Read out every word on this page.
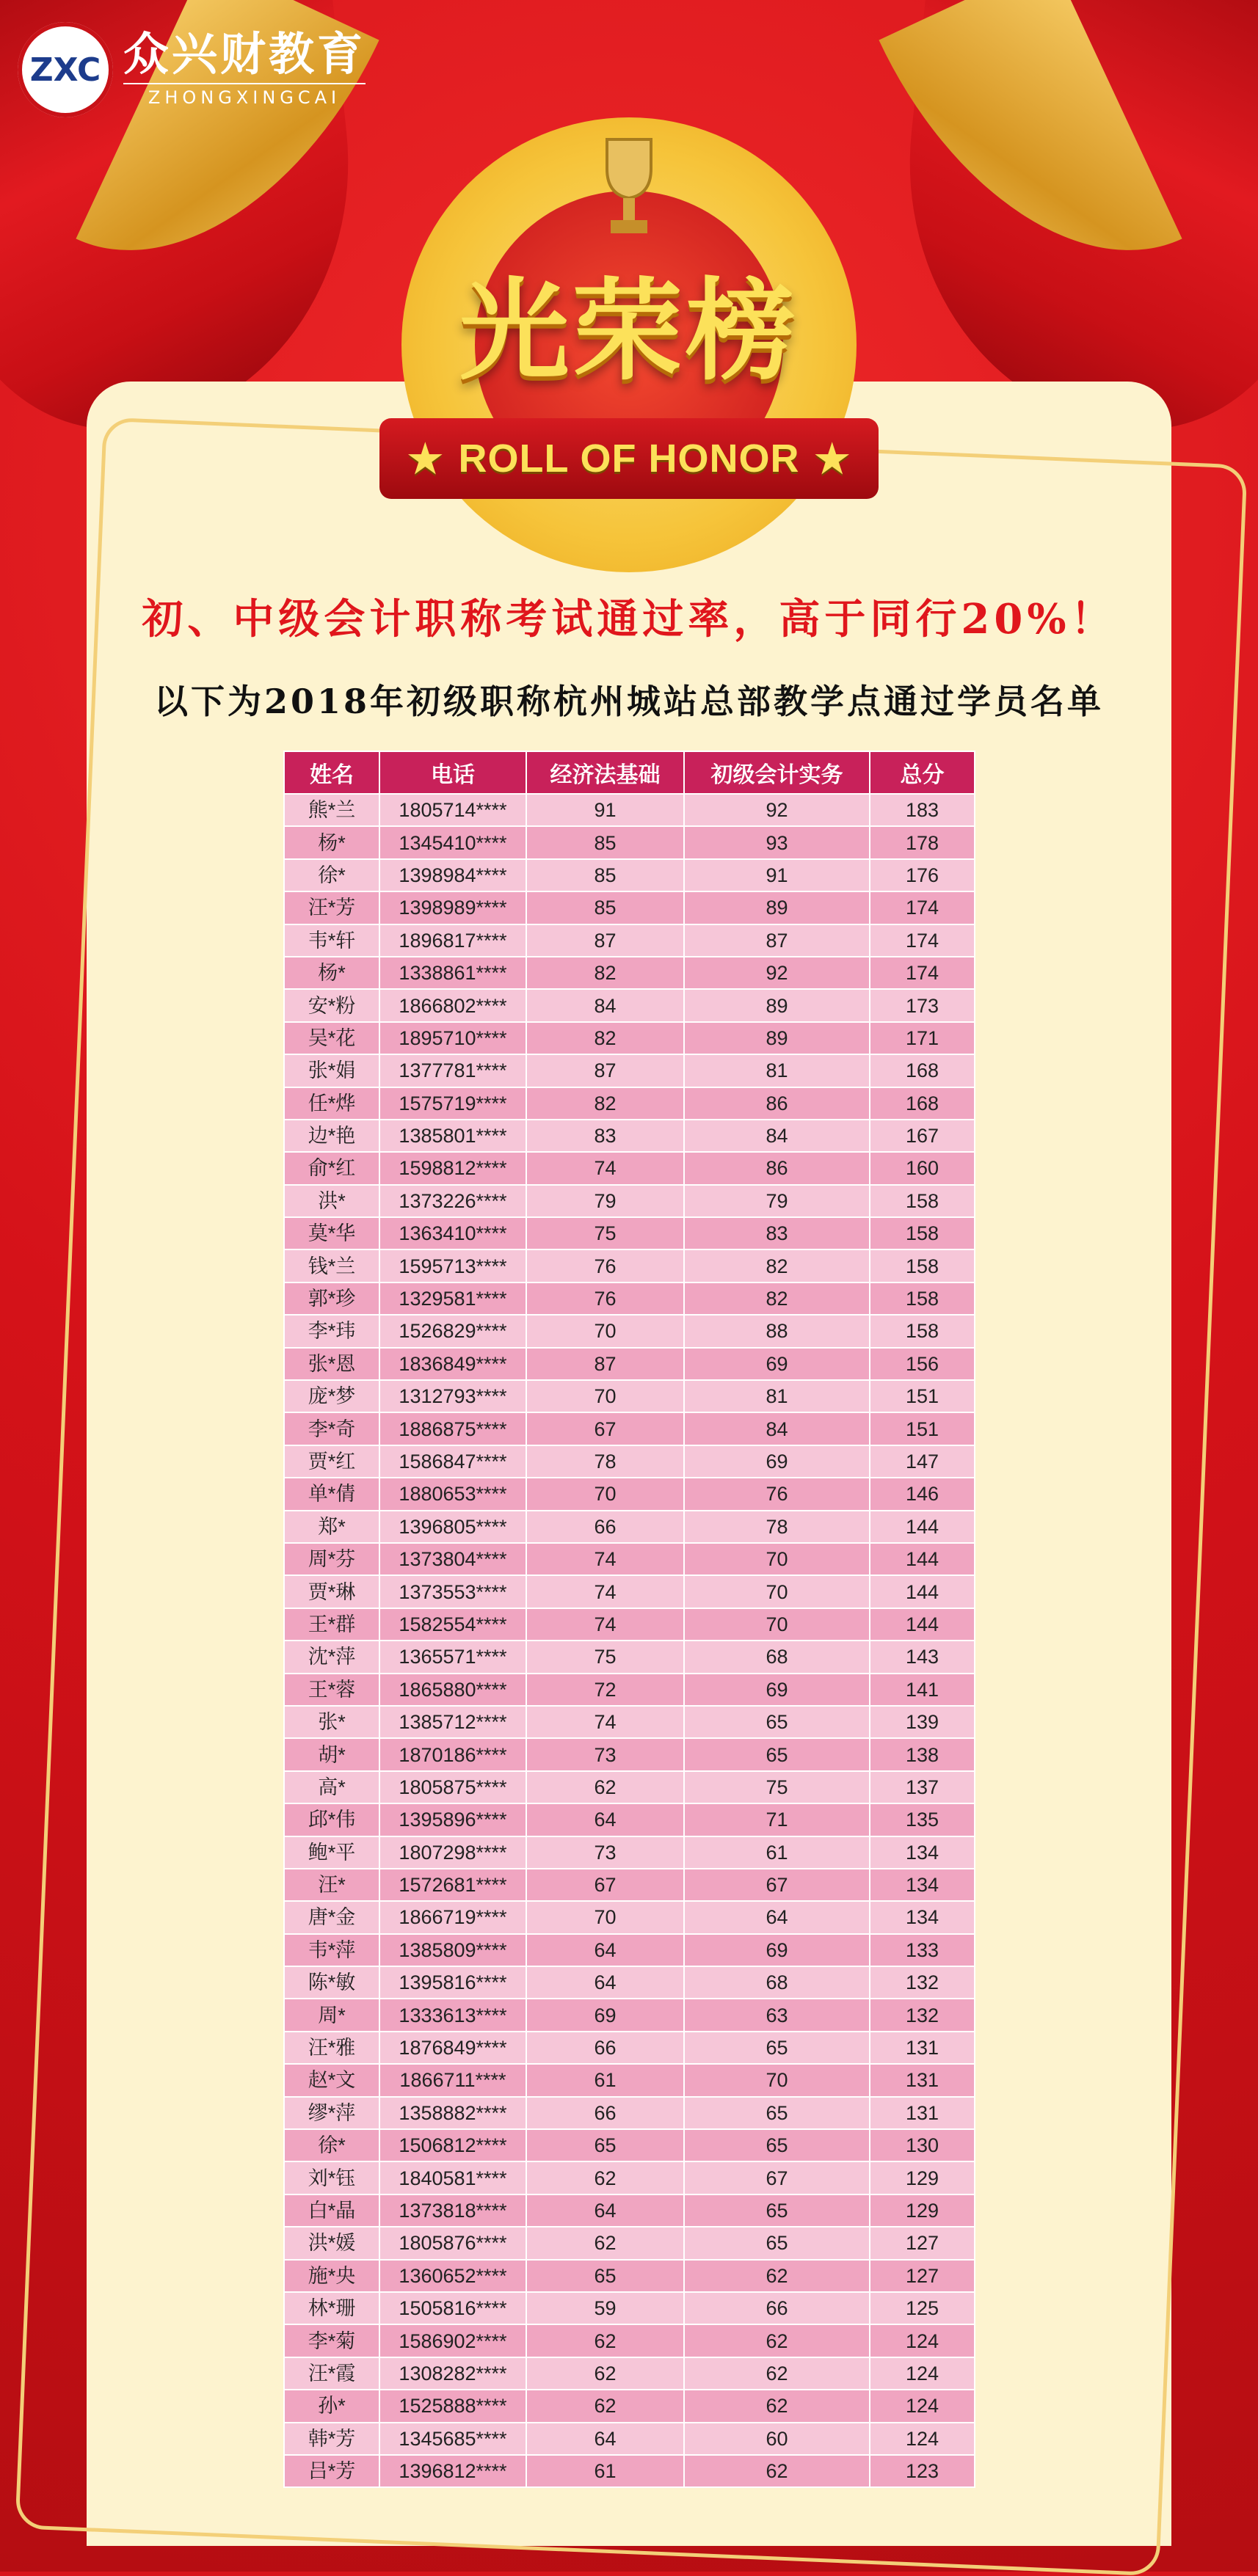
ZXC 众兴财教育
ZHONGXINGCAI
光荣榜
★ ROLL OF HONOR ★
初、中级会计职称考试通过率，高于同行20%！
以下为2018年初级职称杭州城站总部教学点通过学员名单
姓名	电话	经济法基础	初级会计实务	总分
熊*兰	1805714****	91	92	183
杨*	1345410****	85	93	178
徐*	1398984****	85	91	176
汪*芳	1398989****	85	89	174
韦*轩	1896817****	87	87	174
杨*	1338861****	82	92	174
安*粉	1866802****	84	89	173
吴*花	1895710****	82	89	171
张*娟	1377781****	87	81	168
任*烨	1575719****	82	86	168
边*艳	1385801****	83	84	167
俞*红	1598812****	74	86	160
洪*	1373226****	79	79	158
莫*华	1363410****	75	83	158
钱*兰	1595713****	76	82	158
郭*珍	1329581****	76	82	158
李*玮	1526829****	70	88	158
张*恩	1836849****	87	69	156
庞*梦	1312793****	70	81	151
李*奇	1886875****	67	84	151
贾*红	1586847****	78	69	147
单*倩	1880653****	70	76	146
郑*	1396805****	66	78	144
周*芬	1373804****	74	70	144
贾*琳	1373553****	74	70	144
王*群	1582554****	74	70	144
沈*萍	1365571****	75	68	143
王*蓉	1865880****	72	69	141
张*	1385712****	74	65	139
胡*	1870186****	73	65	138
高*	1805875****	62	75	137
邱*伟	1395896****	64	71	135
鲍*平	1807298****	73	61	134
汪*	1572681****	67	67	134
唐*金	1866719****	70	64	134
韦*萍	1385809****	64	69	133
陈*敏	1395816****	64	68	132
周*	1333613****	69	63	132
汪*雅	1876849****	66	65	131
赵*文	1866711****	61	70	131
缪*萍	1358882****	66	65	131
徐*	1506812****	65	65	130
刘*钰	1840581****	62	67	129
白*晶	1373818****	64	65	129
洪*媛	1805876****	62	65	127
施*央	1360652****	65	62	127
林*珊	1505816****	59	66	125
李*菊	1586902****	62	62	124
汪*霞	1308282****	62	62	124
孙*	1525888****	62	62	124
韩*芳	1345685****	64	60	124
吕*芳	1396812****	61	62	123
